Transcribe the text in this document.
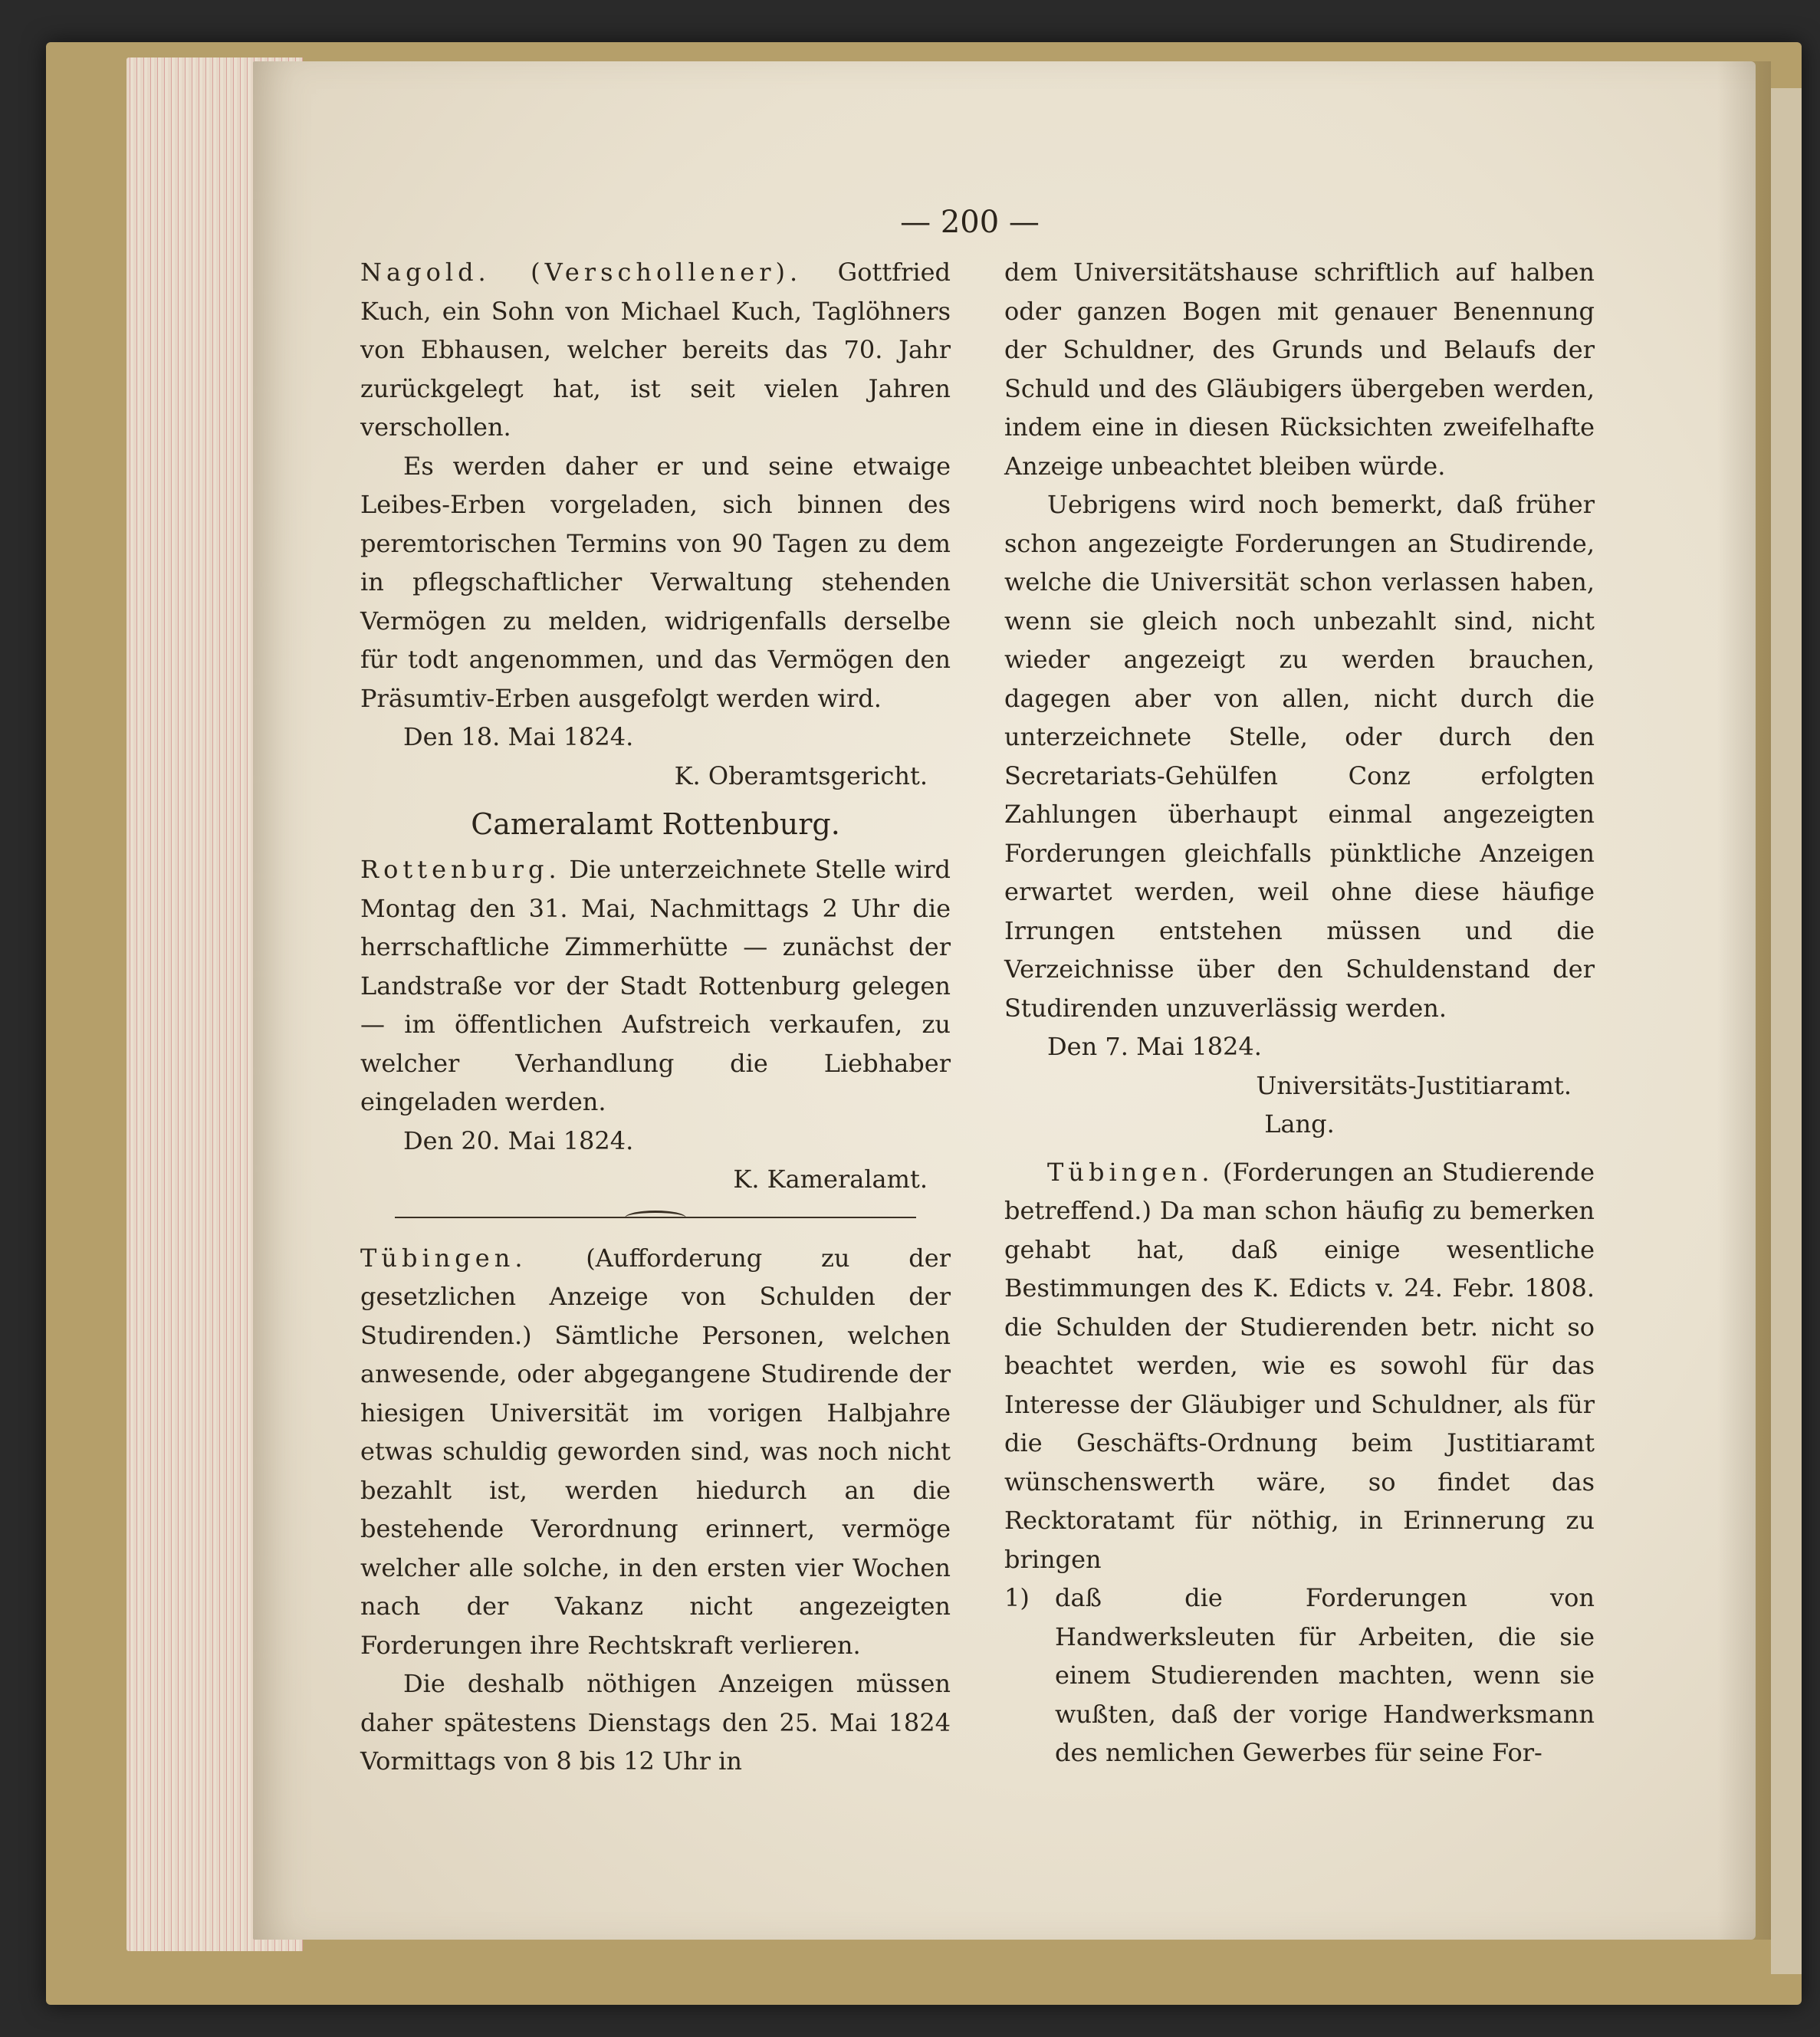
— 200 —

Nagold. (Verschollener). Gottfried Kuch, ein Sohn von Michael Kuch, Taglöhners von Ebhausen, welcher bereits das 70. Jahr zurückgelegt hat, ist seit vielen Jahren verschollen.

Es werden daher er und seine etwaige Leibes-Erben vorgeladen, sich binnen des peremtorischen Termins von 90 Tagen zu dem in pflegschaftlicher Verwaltung stehenden Vermögen zu melden, widrigenfalls derselbe für todt angenommen, und das Vermögen den Präsumtiv-Erben ausgefolgt werden wird.

Den 18. Mai 1824.

K. Oberamtsgericht.

Cameralamt Rottenburg.

Rottenburg. Die unterzeichnete Stelle wird Montag den 31. Mai, Nachmittags 2 Uhr die herrschaftliche Zimmerhütte — zunächst der Landstraße vor der Stadt Rottenburg gelegen — im öffentlichen Aufstreich verkaufen, zu welcher Verhandlung die Liebhaber eingeladen werden.

Den 20. Mai 1824.

K. Kameralamt.

Tübingen. (Aufforderung zu der gesetzlichen Anzeige von Schulden der Studirenden.) Sämtliche Personen, welchen anwesende, oder abgegangene Studirende der hiesigen Universität im vorigen Halbjahre etwas schuldig geworden sind, was noch nicht bezahlt ist, werden hiedurch an die bestehende Verordnung erinnert, vermöge welcher alle solche, in den ersten vier Wochen nach der Vakanz nicht angezeigten Forderungen ihre Rechtskraft verlieren.

Die deshalb nöthigen Anzeigen müssen daher spätestens Dienstags den 25. Mai 1824 Vormittags von 8 bis 12 Uhr in

dem Universitätshause schriftlich auf halben oder ganzen Bogen mit genauer Benennung der Schuldner, des Grunds und Belaufs der Schuld und des Gläubigers übergeben werden, indem eine in diesen Rücksichten zweifelhafte Anzeige unbeachtet bleiben würde.

Uebrigens wird noch bemerkt, daß früher schon angezeigte Forderungen an Studirende, welche die Universität schon verlassen haben, wenn sie gleich noch unbezahlt sind, nicht wieder angezeigt zu werden brauchen, dagegen aber von allen, nicht durch die unterzeichnete Stelle, oder durch den Secretariats-Gehülfen Conz erfolgten Zahlungen überhaupt einmal angezeigten Forderungen gleichfalls pünktliche Anzeigen erwartet werden, weil ohne diese häufige Irrungen entstehen müssen und die Verzeichnisse über den Schuldenstand der Studirenden unzuverlässig werden.

Den 7. Mai 1824.

Universitäts-Justitiaramt.

Lang.

Tübingen. (Forderungen an Studierende betreffend.) Da man schon häufig zu bemerken gehabt hat, daß einige wesentliche Bestimmungen des K. Edicts v. 24. Febr. 1808. die Schulden der Studierenden betr. nicht so beachtet werden, wie es sowohl für das Interesse der Gläubiger und Schuldner, als für die Geschäfts-Ordnung beim Justitiaramt wünschenswerth wäre, so findet das Recktoratamt für nöthig, in Erinnerung zu bringen

1)	daß die Forderungen von Handwerksleuten für Arbeiten, die sie einem Studierenden machten, wenn sie wußten, daß der vorige Handwerksmann des nemlichen Gewerbes für seine For-
